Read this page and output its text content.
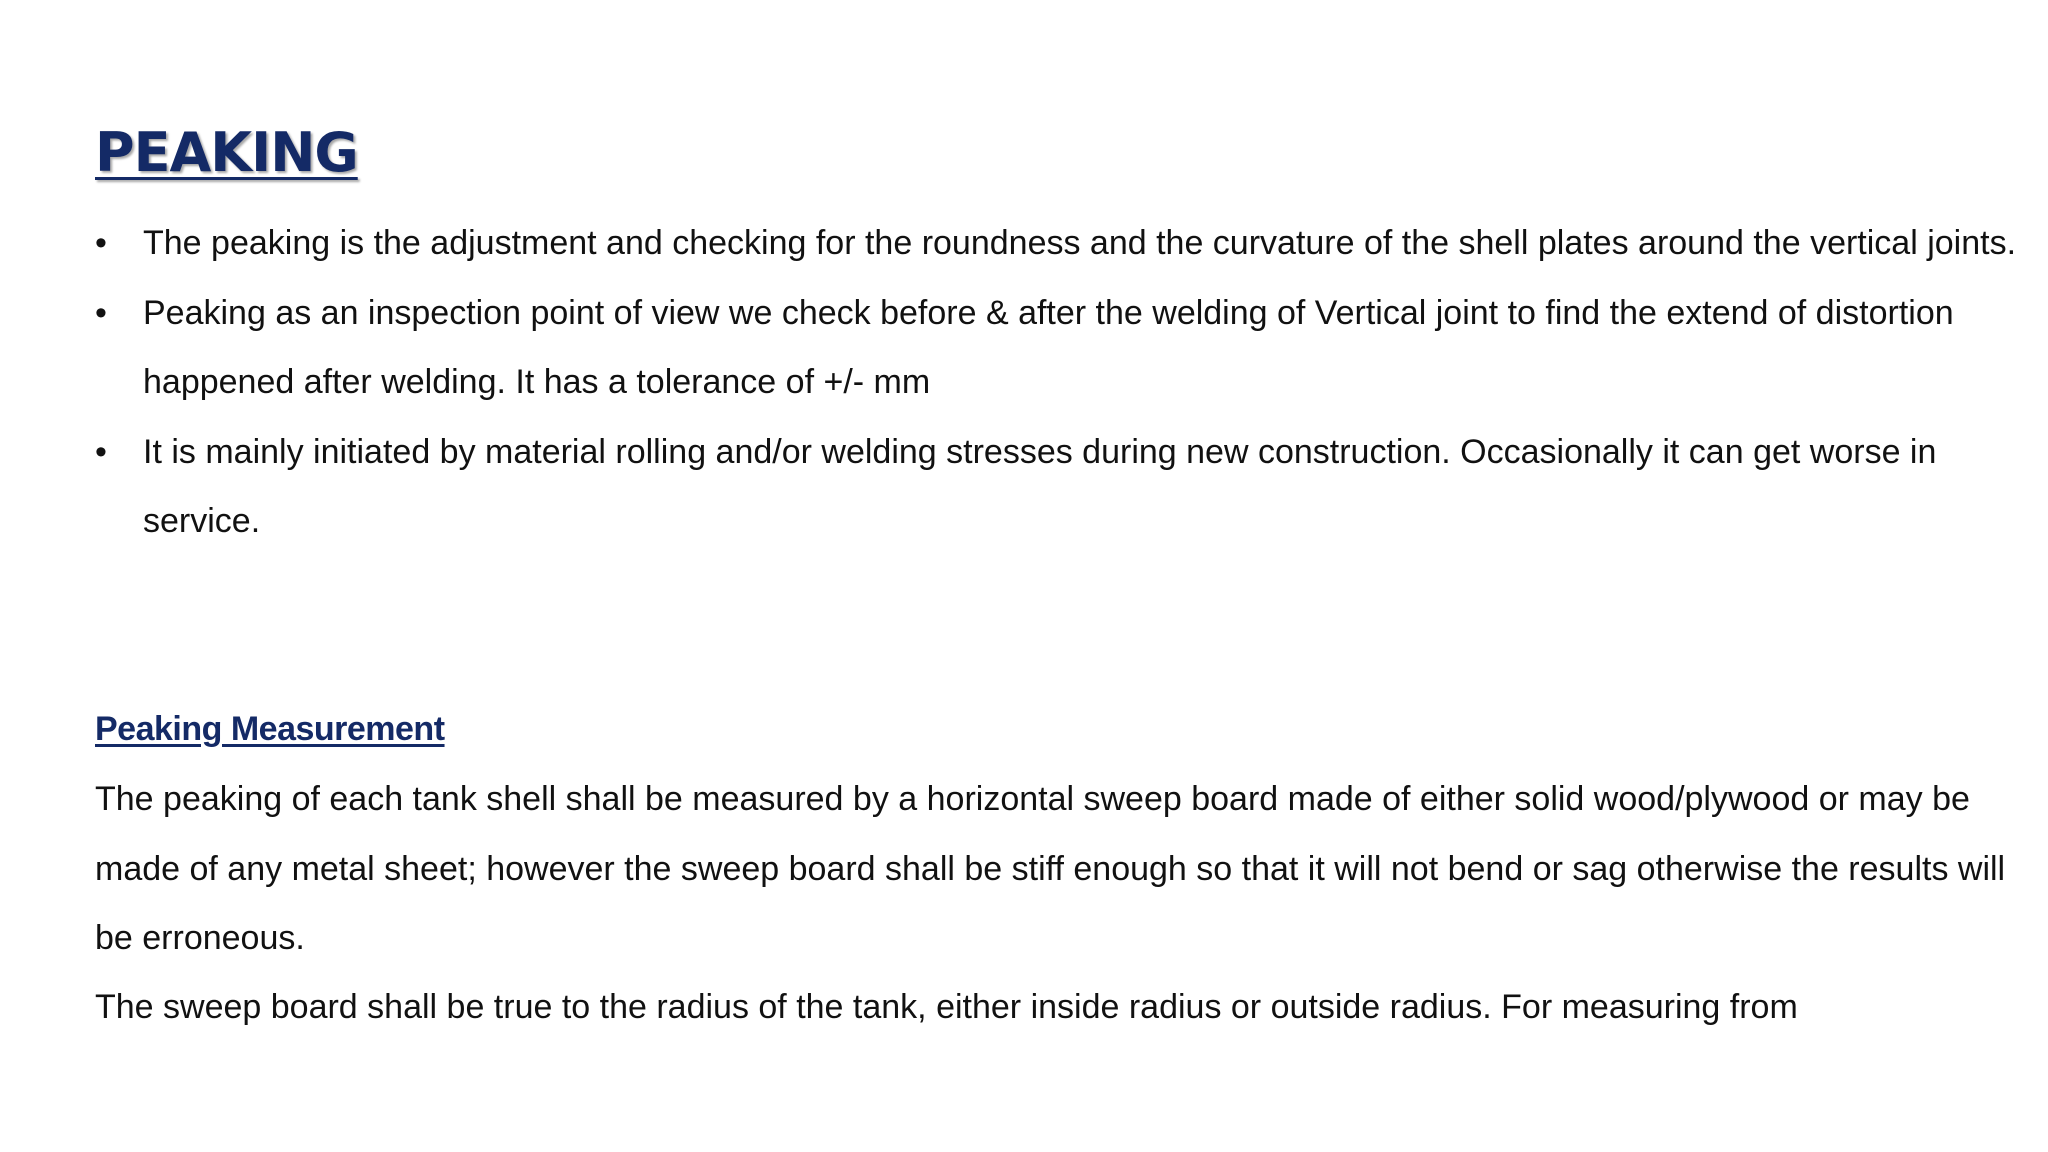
PEAKING
• The peaking is the adjustment and checking for the roundness and the curvature of the shell plates around the vertical joints.
• Peaking as an inspection point of view we check before & after the welding of Vertical joint to find the extend of distortion happened after welding. It has a tolerance of +/- mm
• It is mainly initiated by material rolling and/or welding stresses during new construction. Occasionally it can get worse in service.
Peaking Measurement

The peaking of each tank shell shall be measured by a horizontal sweep board made of either solid wood/plywood or may be made of any metal sheet; however the sweep board shall be stiff enough so that it will not bend or sag otherwise the results will be erroneous.

The sweep board shall be true to the radius of the tank, either inside radius or outside radius. For measuring from
